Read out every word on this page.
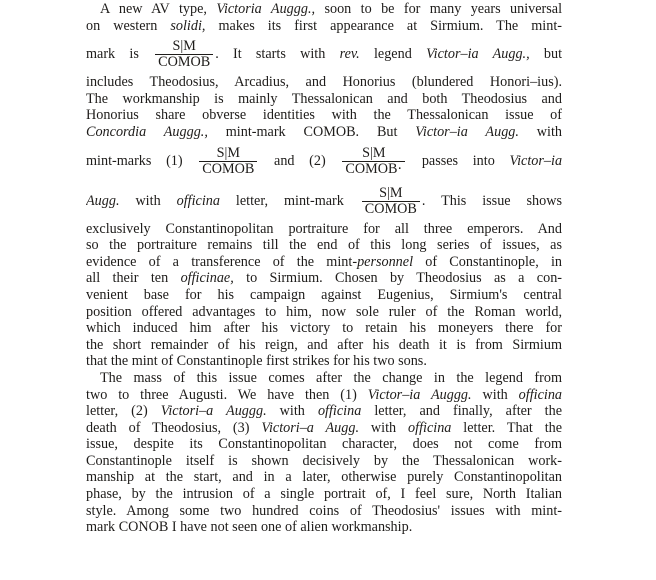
A new AV type, Victoria Auggg., soon to be for many years universal
on western solidi, makes its first appearance at Sirmium. The mint-
mark is $\frac{S|M}{\text{COMOB}}$ . It starts with rev. legend Victor–ia Augg., but
includes Theodosius, Arcadius, and Honorius (blundered Honori–ius).
The workmanship is mainly Thessalonican and both Theodosius and
Honorius share obverse identities with the Thessalonican issue of
Concordia Auggg., mint-mark COMOB. But Victor–ia Augg. with
mint-marks $(1) \frac{S|M}{\text{COMOB}}$ and $(2) \frac{S|M}{\text{COMOB·}}$ passes into Victor–ia
Augg. with officina letter, mint-mark $\frac{S|M}{\text{COMOB}}$ . This issue shows
exclusively Constantinopolitan portraiture for all three emperors. And
so the portraiture remains till the end of this long series of issues, as
evidence of a transference of the mint-personnel of Constantinople, in
all their ten officinae, to Sirmium. Chosen by Theodosius as a con-
venient base for his campaign against Eugenius, Sirmium's central
position offered advantages to him, now sole ruler of the Roman world,
which induced him after his victory to retain his moneyers there for
the short remainder of his reign, and after his death it is from Sirmium
that the mint of Constantinople first strikes for his two sons.
The mass of this issue comes after the change in the legend from
two to three Augusti. We have then (1) Victor–ia Auggg. with officina
letter, (2) Victori–a Auggg. with officina letter, and finally, after the
death of Theodosius, (3) Victori–a Augg. with officina letter. That the
issue, despite its Constantinopolitan character, does not come from
Constantinople itself is shown decisively by the Thessalonican work-
manship at the start, and in a later, otherwise purely Constantinopolitan
phase, by the intrusion of a single portrait of, I feel sure, North Italian
style. Among some two hundred coins of Theodosius' issues with mint-
mark CONOB I have not seen one of alien workmanship.
